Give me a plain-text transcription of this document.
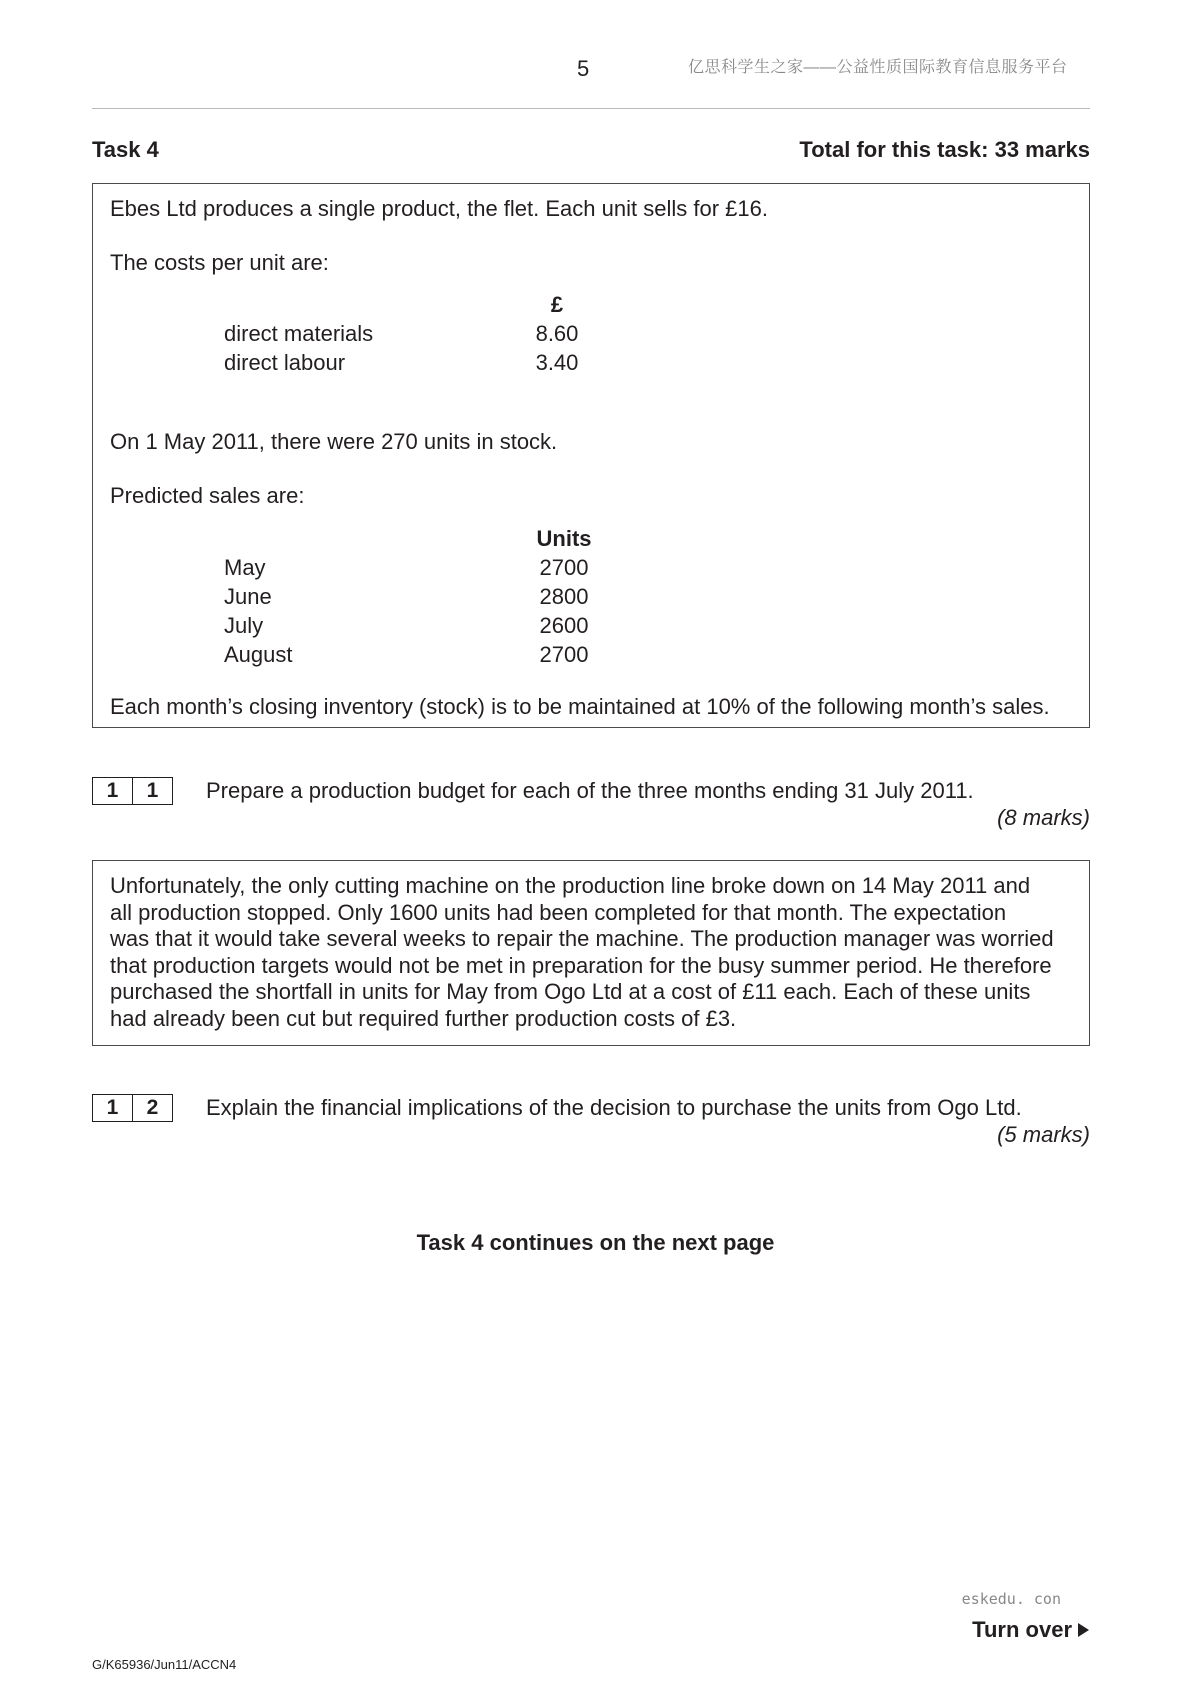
5	亿思科学生之家——公益性质国际教育信息服务平台
Task 4	Total for this task: 33 marks
Ebes Ltd produces a single product, the flet. Each unit sells for £16.
The costs per unit are:
£
direct materials	8.60
direct labour	3.40
On 1 May 2011, there were 270 units in stock.
Predicted sales are:
Units
May	2700
June	2800
July	2600
August	2700
Each month’s closing inventory (stock) is to be maintained at 10% of the following month’s sales.
1	1	Prepare a production budget for each of the three months ending 31 July 2011.
(8 marks)
Unfortunately, the only cutting machine on the production line broke down on 14 May 2011 and
all production stopped. Only 1600 units had been completed for that month. The expectation
was that it would take several weeks to repair the machine. The production manager was worried
that production targets would not be met in preparation for the busy summer period. He therefore
purchased the shortfall in units for May from Ogo Ltd at a cost of £11 each. Each of these units
had already been cut but required further production costs of £3.
1	2	Explain the financial implications of the decision to purchase the units from Ogo Ltd.
(5 marks)
Task 4 continues on the next page
eskedu. con
Turn over
G/K65936/Jun11/ACCN4
